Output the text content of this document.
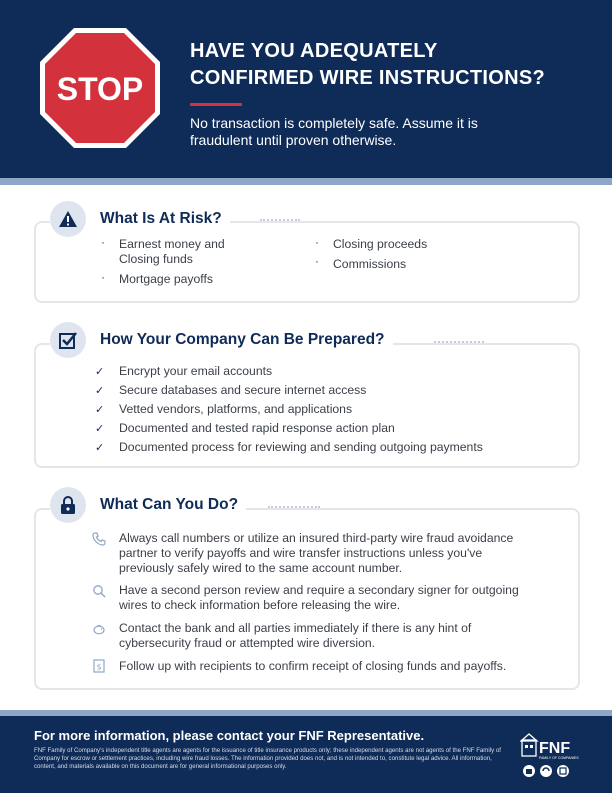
STOP
HAVE YOU ADEQUATELY
CONFIRMED WIRE INSTRUCTIONS?
No transaction is completely safe. Assume it is
fraudulent until proven otherwise.
What Is At Risk?
· Earnest money and
Closing funds
· Mortgage payoffs
· Closing proceeds
· Commissions
How Your Company Can Be Prepared?
✓ Encrypt your email accounts
✓ Secure databases and secure internet access
✓ Vetted vendors, platforms, and applications
✓ Documented and tested rapid response action plan
✓ Documented process for reviewing and sending outgoing payments
What Can You Do?
Always call numbers or utilize an insured third-party wire fraud avoidance
partner to verify payoffs and wire transfer instructions unless you've
previously safely wired to the same account number.
Have a second person review and require a secondary signer for outgoing
wires to check information before releasing the wire.
Contact the bank and all parties immediately if there is any hint of
cybersecurity fraud or attempted wire diversion.
$ Follow up with recipients to confirm receipt of closing funds and payoffs.
For more information, please contact your FNF Representative.
FNF Family of Company's independent title agents are agents for the issuance of title insurance products only; these independent agents are not agents of the FNF Family of Company for escrow or settlement practices, including wire fraud losses. The information provided does not, and is not intended to, constitute legal advice. All information, content, and materials available on this document are for general informational purposes only.
FNF
FAMILY OF COMPANIES
